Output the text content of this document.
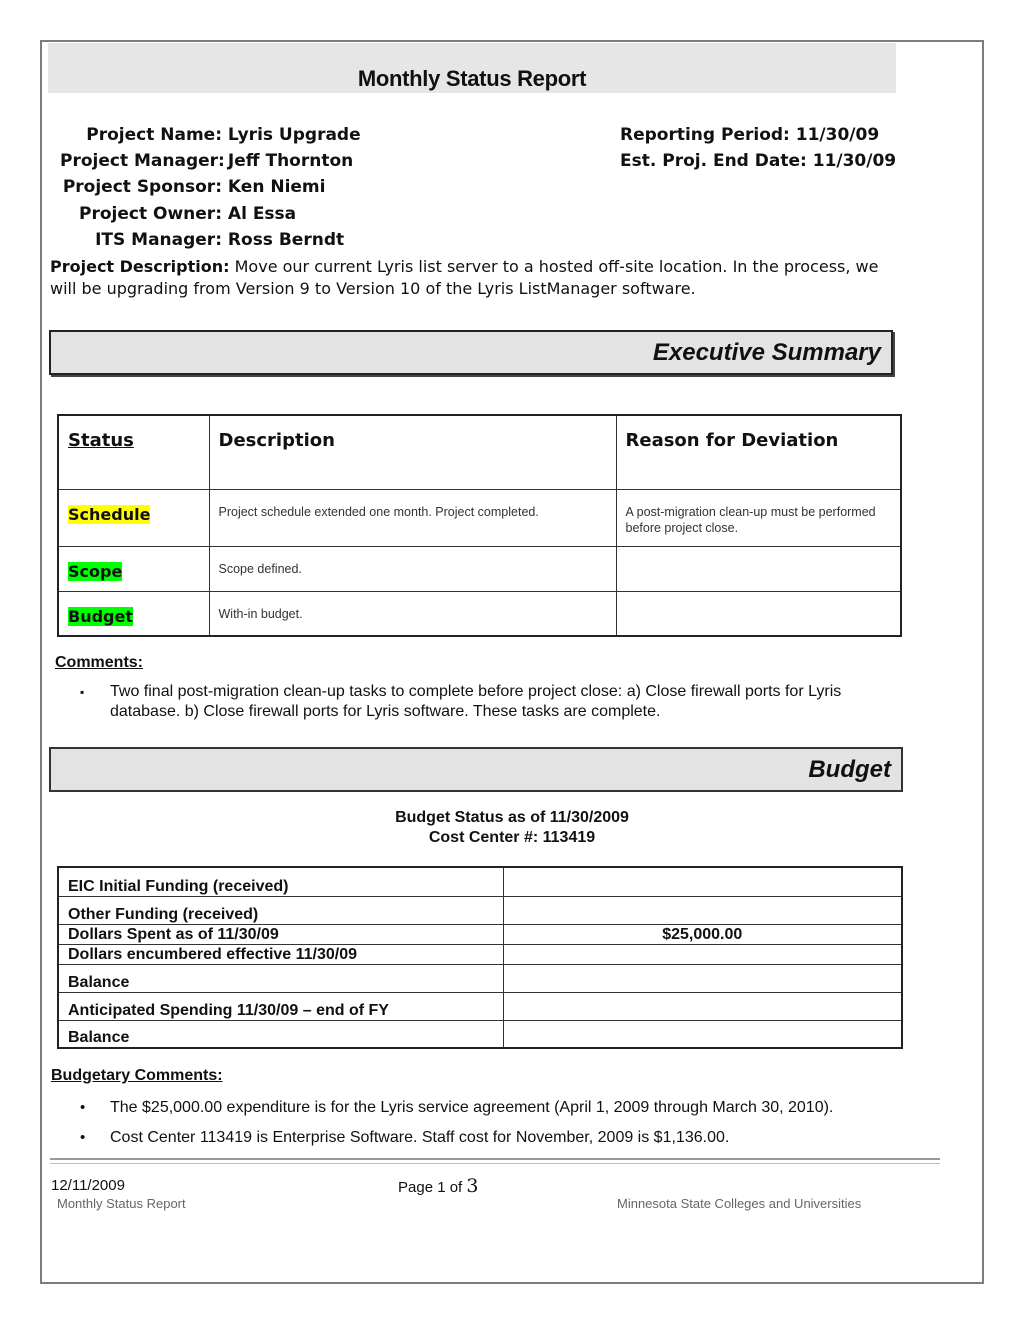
Monthly Status Report
Project Name: Lyris Upgrade
Project Manager: Jeff Thornton
Project Sponsor: Ken Niemi
Project Owner: Al Essa
ITS Manager: Ross Berndt
Reporting Period: 11/30/09
Est. Proj. End Date: 11/30/09
Project Description: Move our current Lyris list server to a hosted off-site location. In the process, we will be upgrading from Version 9 to Version 10 of the Lyris ListManager software.
Executive Summary
Status	Description	Reason for Deviation
Schedule	Project schedule extended one month. Project completed.	A post-migration clean-up must be performed before project close.
Scope	Scope defined.	
Budget	With-in budget.	
Comments:
▪	Two final post-migration clean-up tasks to complete before project close: a) Close firewall ports for Lyris database. b) Close firewall ports for Lyris software. These tasks are complete.
Budget
Budget Status as of 11/30/2009
Cost Center #: 113419
EIC Initial Funding (received)	
Other Funding (received)	
Dollars Spent as of 11/30/09	$25,000.00
Dollars encumbered effective 11/30/09	
Balance	
Anticipated Spending 11/30/09 – end of FY	
Balance	
Budgetary Comments:
• The $25,000.00 expenditure is for the Lyris service agreement (April 1, 2009 through March 30, 2010).
• Cost Center 113419 is Enterprise Software. Staff cost for November, 2009 is $1,136.00.
12/11/2009
Monthly Status Report
Page 1 of 3
Minnesota State Colleges and Universities
